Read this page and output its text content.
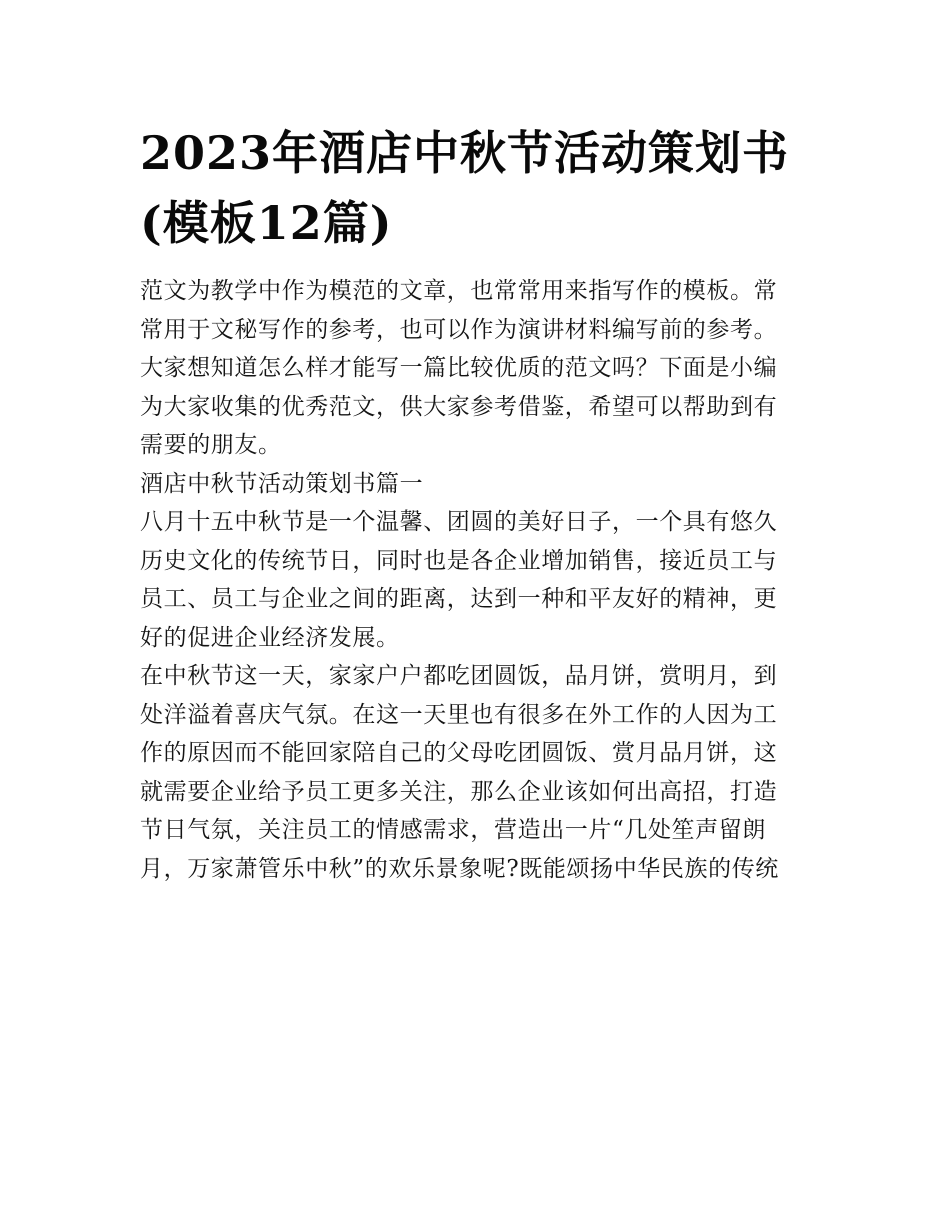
2023年酒店中秋节活动策划书
(模板12篇)

范文为教学中作为模范的文章，也常常用来指写作的模板。常
常用于文秘写作的参考，也可以作为演讲材料编写前的参考。
大家想知道怎么样才能写一篇比较优质的范文吗？下面是小编
为大家收集的优秀范文，供大家参考借鉴，希望可以帮助到有
需要的朋友。

酒店中秋节活动策划书篇一

八月十五中秋节是一个温馨、团圆的美好日子，一个具有悠久
历史文化的传统节日，同时也是各企业增加销售，接近员工与
员工、员工与企业之间的距离，达到一种和平友好的精神，更
好的促进企业经济发展。

在中秋节这一天，家家户户都吃团圆饭，品月饼，赏明月，到
处洋溢着喜庆气氛。在这一天里也有很多在外工作的人因为工
作的原因而不能回家陪自己的父母吃团圆饭、赏月品月饼，这
就需要企业给予员工更多关注，那么企业该如何出高招，打造
节日气氛，关注员工的情感需求，营造出一片“几处笙声留朗
月，万家萧管乐中秋”的欢乐景象呢?既能颂扬中华民族的传统
